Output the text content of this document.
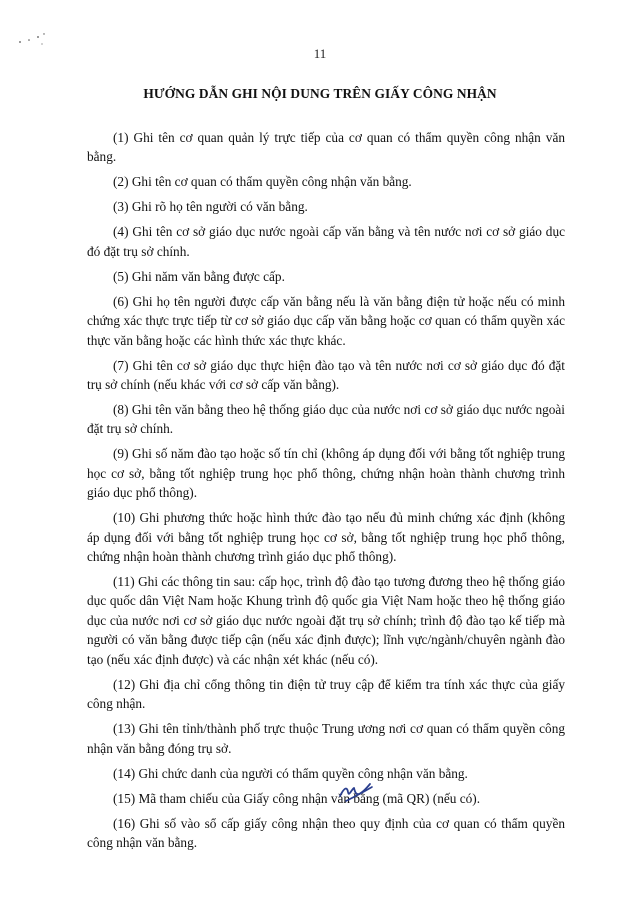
11
HƯỚNG DẪN GHI NỘI DUNG TRÊN GIẤY CÔNG NHẬN

(1) Ghi tên cơ quan quản lý trực tiếp của cơ quan có thẩm quyền công nhận văn bằng.

(2) Ghi tên cơ quan có thẩm quyền công nhận văn bằng.

(3) Ghi rõ họ tên người có văn bằng.

(4) Ghi tên cơ sở giáo dục nước ngoài cấp văn bằng và tên nước nơi cơ sở giáo dục đó đặt trụ sở chính.

(5) Ghi năm văn bằng được cấp.

(6) Ghi họ tên người được cấp văn bằng nếu là văn bằng điện tử hoặc nếu có minh chứng xác thực trực tiếp từ cơ sở giáo dục cấp văn bằng hoặc cơ quan có thẩm quyền xác thực văn bằng hoặc các hình thức xác thực khác.

(7) Ghi tên cơ sở giáo dục thực hiện đào tạo và tên nước nơi cơ sở giáo dục đó đặt trụ sở chính (nếu khác với cơ sở cấp văn bằng).

(8) Ghi tên văn bằng theo hệ thống giáo dục của nước nơi cơ sở giáo dục nước ngoài đặt trụ sở chính.

(9) Ghi số năm đào tạo hoặc số tín chỉ (không áp dụng đối với bằng tốt nghiệp trung học cơ sở, bằng tốt nghiệp trung học phổ thông, chứng nhận hoàn thành chương trình giáo dục phổ thông).

(10) Ghi phương thức hoặc hình thức đào tạo nếu đủ minh chứng xác định (không áp dụng đối với bằng tốt nghiệp trung học cơ sở, bằng tốt nghiệp trung học phổ thông, chứng nhận hoàn thành chương trình giáo dục phổ thông).

(11) Ghi các thông tin sau: cấp học, trình độ đào tạo tương đương theo hệ thống giáo dục quốc dân Việt Nam hoặc Khung trình độ quốc gia Việt Nam hoặc theo hệ thống giáo dục của nước nơi cơ sở giáo dục nước ngoài đặt trụ sở chính; trình độ đào tạo kế tiếp mà người có văn bằng được tiếp cận (nếu xác định được); lĩnh vực/ngành/chuyên ngành đào tạo (nếu xác định được) và các nhận xét khác (nếu có).

(12) Ghi địa chỉ cổng thông tin điện tử truy cập để kiểm tra tính xác thực của giấy công nhận.

(13) Ghi tên tỉnh/thành phố trực thuộc Trung ương nơi cơ quan có thẩm quyền công nhận văn bằng đóng trụ sở.

(14) Ghi chức danh của người có thẩm quyền công nhận văn bằng.

(15) Mã tham chiếu của Giấy công nhận văn bằng (mã QR) (nếu có).

(16) Ghi số vào sổ cấp giấy công nhận theo quy định của cơ quan có thẩm quyền công nhận văn bằng.
